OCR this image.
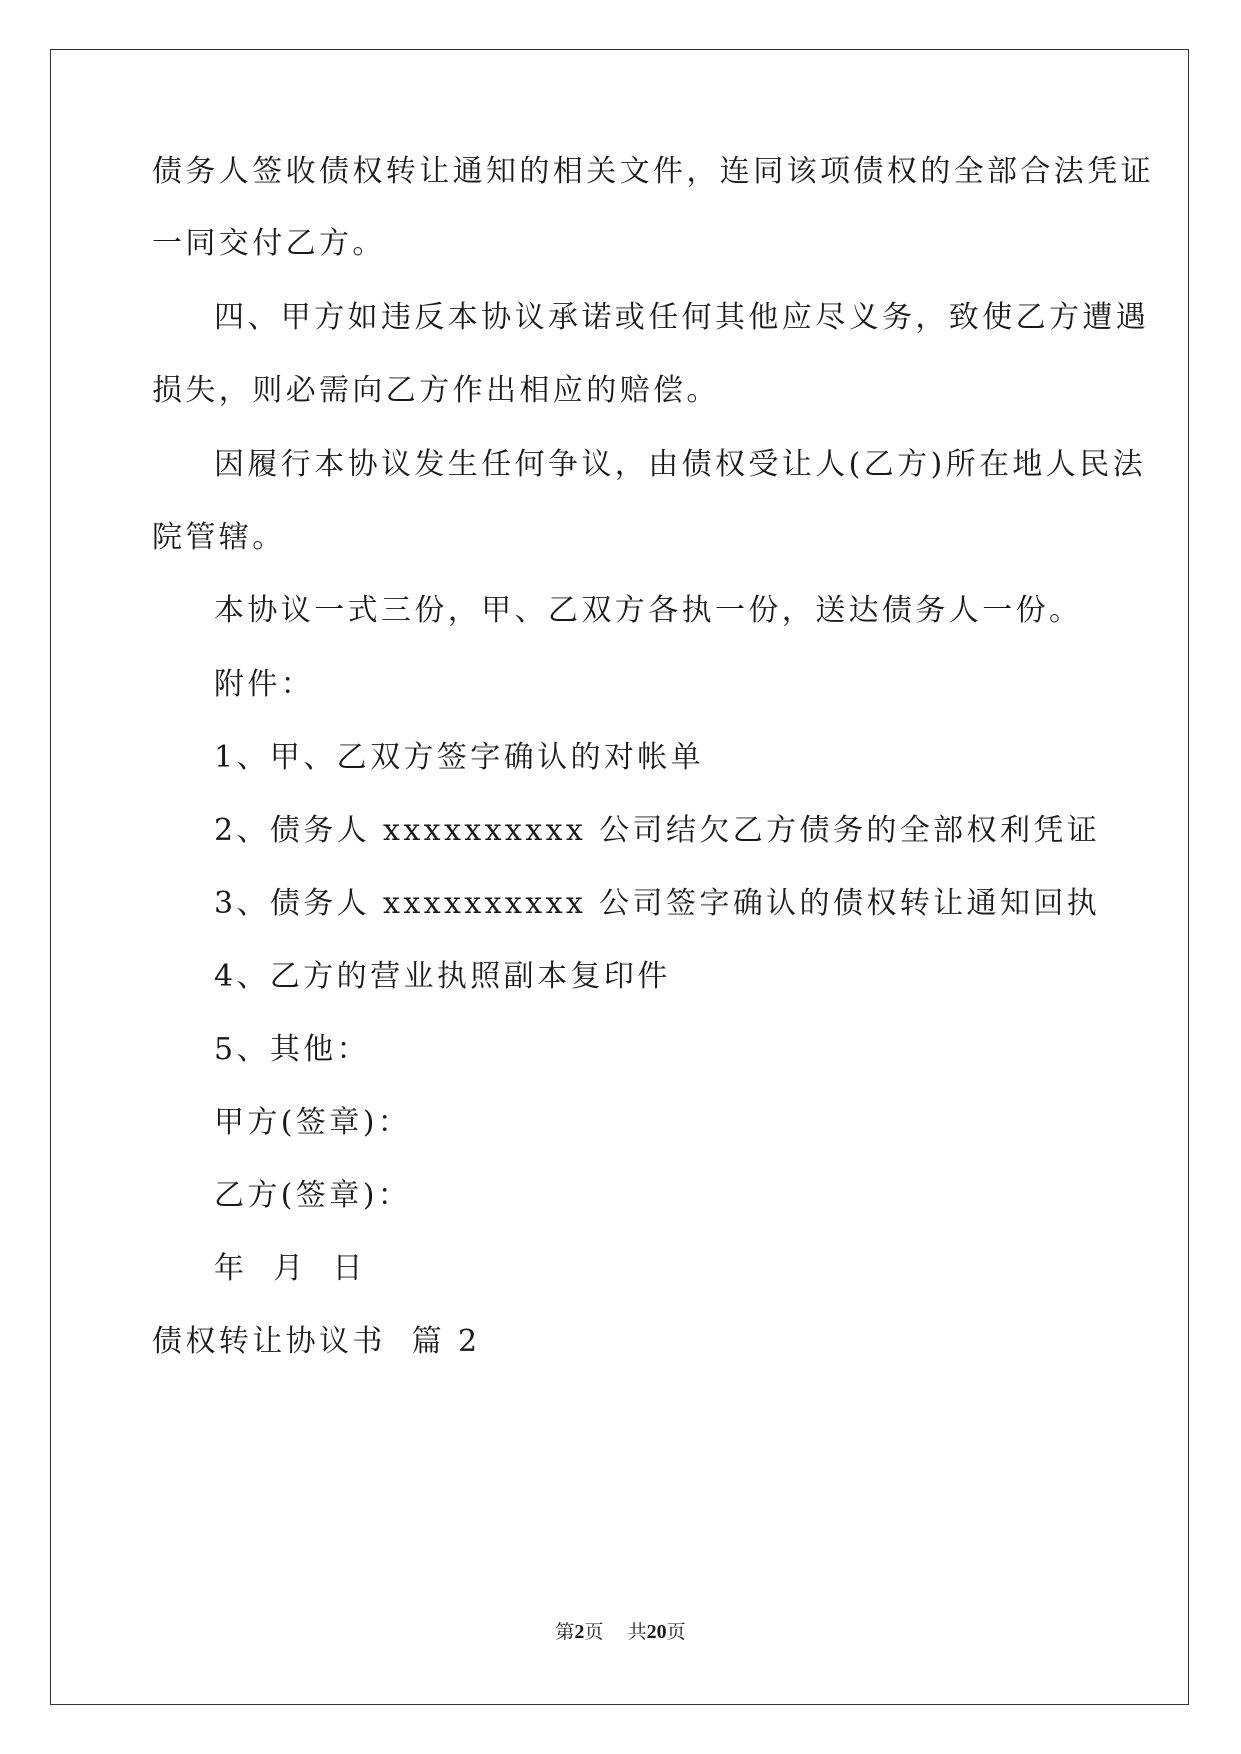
债务人签收债权转让通知的相关文件，连同该项债权的全部合法凭证
一同交付乙方。
四、甲方如违反本协议承诺或任何其他应尽义务，致使乙方遭遇
损失，则必需向乙方作出相应的赔偿。
因履行本协议发生任何争议，由债权受让人(乙方)所在地人民法
院管辖。
本协议一式三份，甲、乙双方各执一份，送达债务人一份。
附件：
1、甲、乙双方签字确认的对帐单
2、债务人 xxxxxxxxxx 公司结欠乙方债务的全部权利凭证
3、债务人 xxxxxxxxxx 公司签字确认的债权转让通知回执
4、乙方的营业执照副本复印件
5、其他：
甲方(签章)：
乙方(签章)：
年  月  日
债权转让协议书  篇 2
第2页    共20页
